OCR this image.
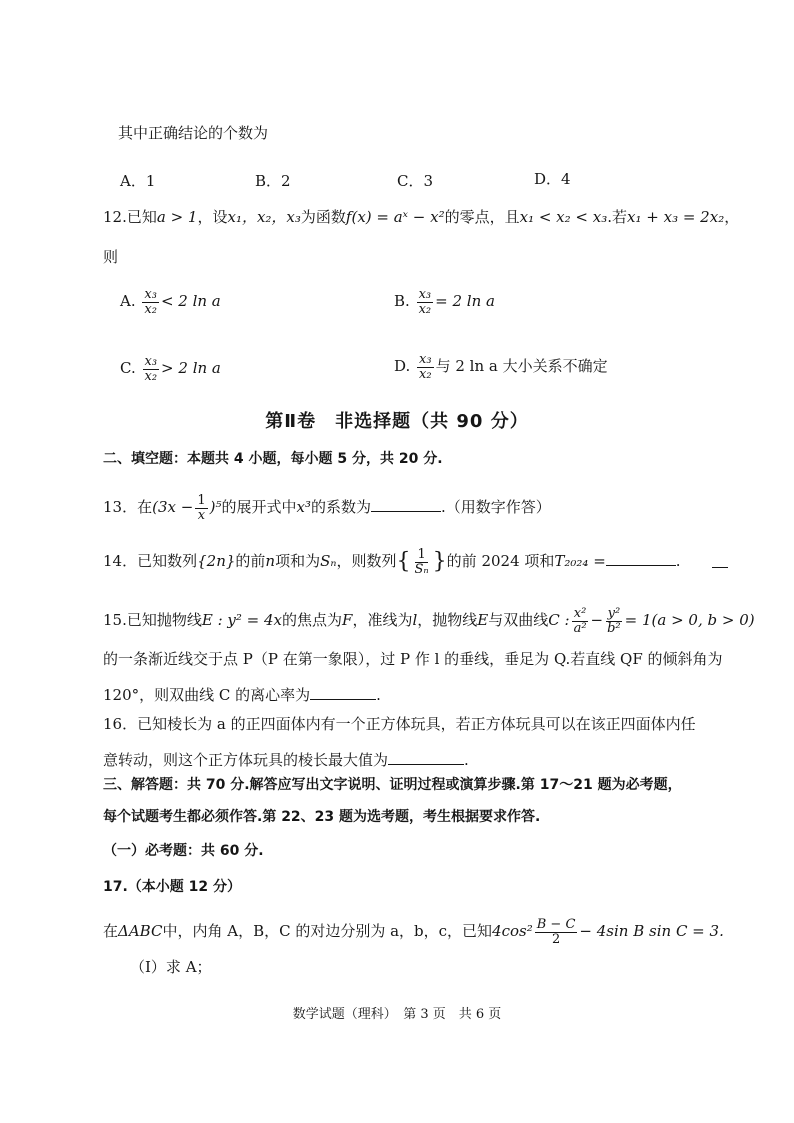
其中正确结论的个数为
A．1	B．2	C．3	D．4
12.已知a > 1，设x₁，x₂，x₃为函数f(x) = aˣ − x²的零点，且x₁ < x₂ < x₃.若x₁ + x₃ = 2x₂，
则
A. $\frac{\text{x₃}}{\text{x₂}} < 2$ ln a	B. $\frac{\text{x₃}}{\text{x₂}} = 2$ ln a
C. $\frac{\text{x₃}}{\text{x₂}} > 2$ ln a	D. $\frac{\text{x₃}}{\text{x₂}}$ 与 2 ln a 大小关系不确定
第Ⅱ卷　非选择题（共 90 分）
二、填空题：本题共 4 小题，每小题 5 分，共 20 分.
13．在$(3x - \frac{1}{x} )^5$的展开式中x³的系数为	.（用数字作答）
14．已知数列{2n}的前n项和为Sₙ，则数列{ $\frac{1}{\text{Sₙ}}$ }的前 2024 项和T₂₀₂₄ =	.
15.已知抛物线E : y² = 4x的焦点为F，准线为l，抛物线E与双曲线C : $\frac{\text{x²}}{\text{a²}} - \frac{\text{y²}}{\text{b²}} = 1(a > 0$, b > 0)
的一条渐近线交于点 P（P 在第一象限），过 P 作 l 的垂线，垂足为 Q.若直线 QF 的倾斜角为
120°，则双曲线 C 的离心率为	.
16．已知棱长为 a 的正四面体内有一个正方体玩具，若正方体玩具可以在该正四面体内任
意转动，则这个正方体玩具的棱长最大值为	.
三、解答题：共 70 分.解答应写出文字说明、证明过程或演算步骤.第 17～21 题为必考题，
每个试题考生都必须作答.第 22、23 题为选考题，考生根据要求作答.
（一）必考题：共 60 分.
17.（本小题 12 分）
在ΔABC中，内角 A，B，C 的对边分别为 a，b，c，已知$4\cos^2 \frac{B - C}{2} - 4\sin$ B sin C = 3.
（Ⅰ）求 A；
数学试题（理科）　第 3 页　共 6 页
